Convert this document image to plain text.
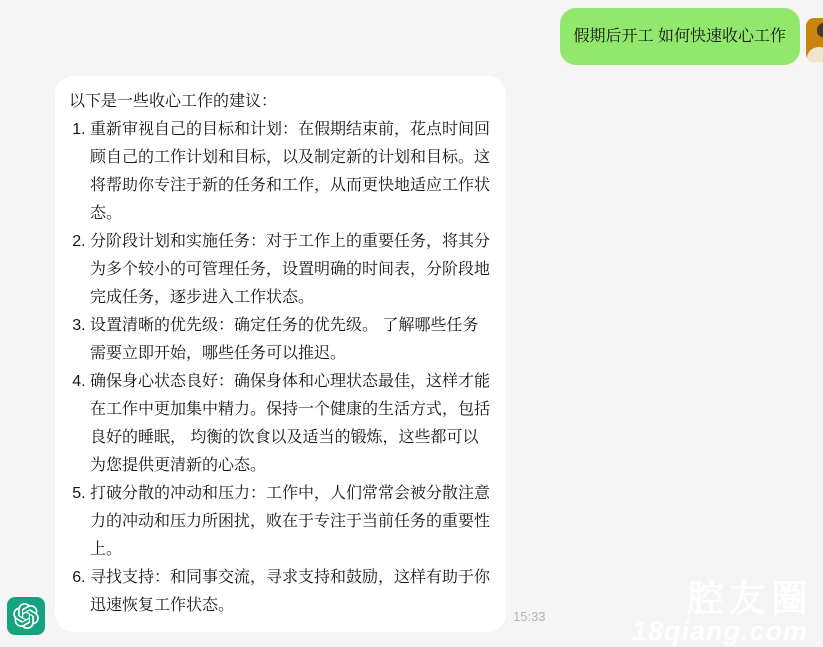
假期后开工 如何快速收心工作

以下是一些收心工作的建议：

1. 重新审视自己的目标和计划：在假期结束前，花点时间回顾自己的工作计划和目标，以及制定新的计划和目标。这将帮助你专注于新的任务和工作，从而更快地适应工作状态。
2. 分阶段计划和实施任务：对于工作上的重要任务，将其分为多个较小的可管理任务，设置明确的时间表，分阶段地完成任务，逐步进入工作状态。
3. 设置清晰的优先级：确定任务的优先级。 了解哪些任务需要立即开始，哪些任务可以推迟。
4. 确保身心状态良好：确保身体和心理状态最佳，这样才能在工作中更加集中精力。保持一个健康的生活方式，包括良好的睡眠， 均衡的饮食以及适当的锻炼，这些都可以为您提供更清新的心态。
5. 打破分散的冲动和压力：工作中，人们常常会被分散注意力的冲动和压力所困扰，败在于专注于当前任务的重要性上。
6. 寻找支持：和同事交流，寻求支持和鼓励，这样有助于你迅速恢复工作状态。
15:33	腔友圈
18qiang.com
